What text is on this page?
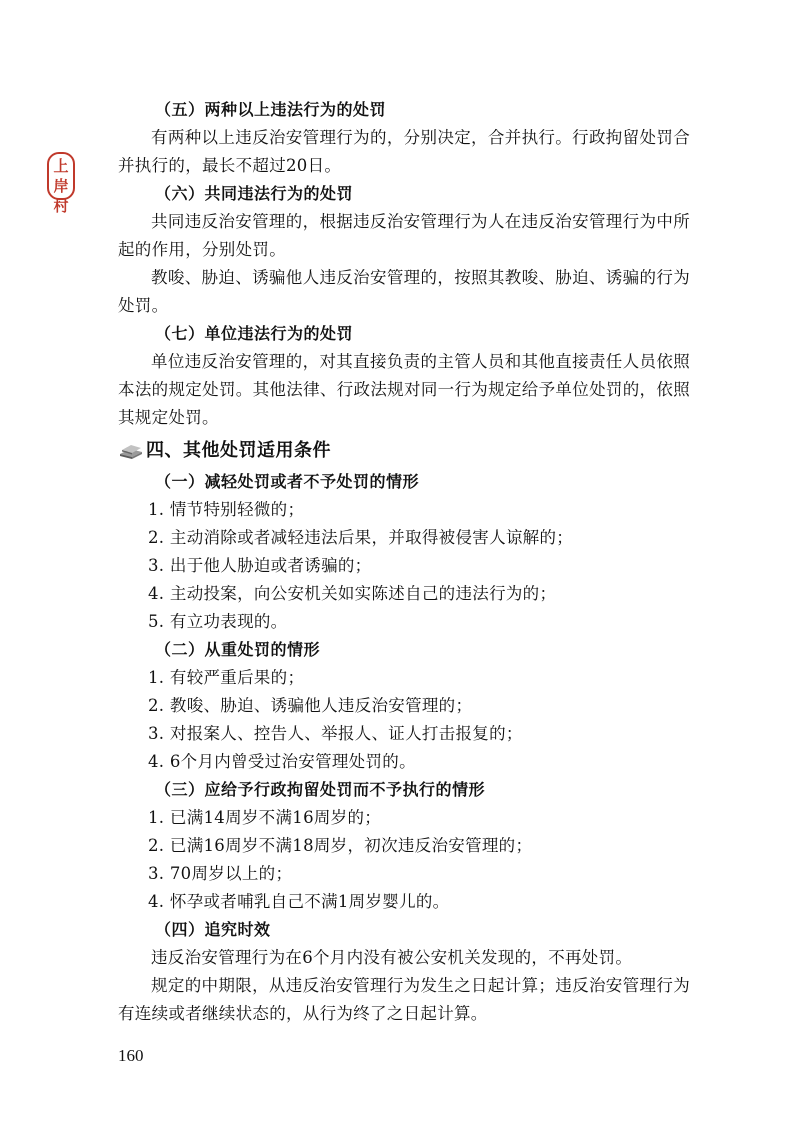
上
岸
村

（五）两种以上违法行为的处罚

有两种以上违反治安管理行为的，分别决定，合并执行。行政拘留处罚合并执行的，最长不超过20日。

（六）共同违法行为的处罚

共同违反治安管理的，根据违反治安管理行为人在违反治安管理行为中所起的作用，分别处罚。

教唆、胁迫、诱骗他人违反治安管理的，按照其教唆、胁迫、诱骗的行为处罚。

（七）单位违法行为的处罚

单位违反治安管理的，对其直接负责的主管人员和其他直接责任人员依照本法的规定处罚。其他法律、行政法规对同一行为规定给予单位处罚的，依照其规定处罚。

四、其他处罚适用条件

（一）减轻处罚或者不予处罚的情形

1. 情节特别轻微的；

2. 主动消除或者减轻违法后果，并取得被侵害人谅解的；

3. 出于他人胁迫或者诱骗的；

4. 主动投案，向公安机关如实陈述自己的违法行为的；

5. 有立功表现的。

（二）从重处罚的情形

1. 有较严重后果的；

2. 教唆、胁迫、诱骗他人违反治安管理的；

3. 对报案人、控告人、举报人、证人打击报复的；

4. 6个月内曾受过治安管理处罚的。

（三）应给予行政拘留处罚而不予执行的情形

1. 已满14周岁不满16周岁的；

2. 已满16周岁不满18周岁，初次违反治安管理的；

3. 70周岁以上的；

4. 怀孕或者哺乳自己不满1周岁婴儿的。

（四）追究时效

违反治安管理行为在6个月内没有被公安机关发现的，不再处罚。

规定的中期限，从违反治安管理行为发生之日起计算；违反治安管理行为有连续或者继续状态的，从行为终了之日起计算。

160
